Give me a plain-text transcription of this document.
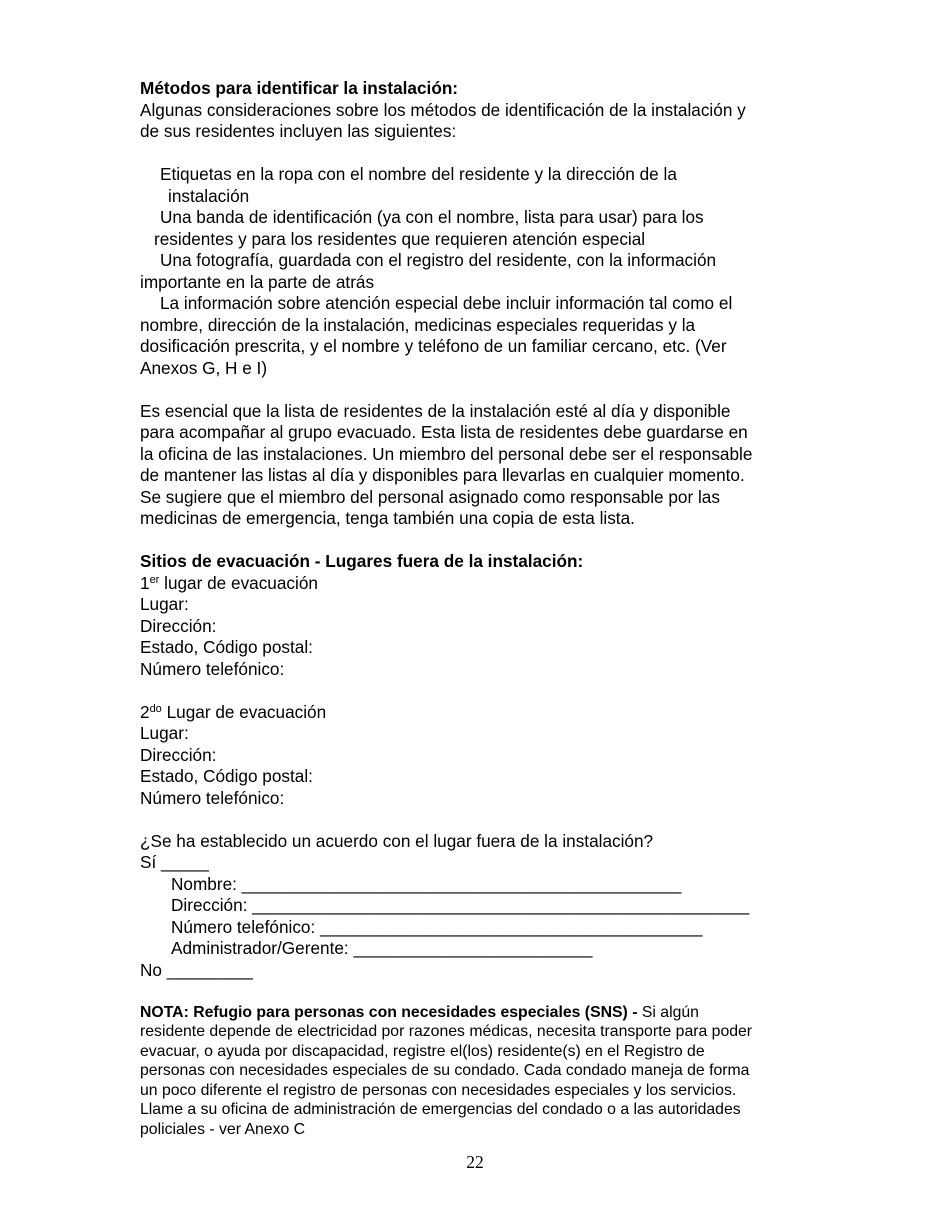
Métodos para identificar la instalación:

Algunas consideraciones sobre los métodos de identificación de la instalación y

de sus residentes incluyen las siguientes:

Etiquetas en la ropa con el nombre del residente y la dirección de la

instalación

Una banda de identificación (ya con el nombre, lista para usar) para los

residentes y para los residentes que requieren atención especial

Una fotografía, guardada con el registro del residente, con la información

importante en la parte de atrás

La información sobre atención especial debe incluir información tal como el

nombre, dirección de la instalación, medicinas especiales requeridas y la

dosificación prescrita, y el nombre y teléfono de un familiar cercano, etc. (Ver

Anexos G, H e I)

Es esencial que la lista de residentes de la instalación esté al día y disponible

para acompañar al grupo evacuado. Esta lista de residentes debe guardarse en

la oficina de las instalaciones. Un miembro del personal debe ser el responsable

de mantener las listas al día y disponibles para llevarlas en cualquier momento.

Se sugiere que el miembro del personal asignado como responsable por las

medicinas de emergencia, tenga también una copia de esta lista.

Sitios de evacuación - Lugares fuera de la instalación:

1er lugar de evacuación

Lugar:

Dirección:

Estado, Código postal:

Número telefónico:

$2^{do}$ Lugar de evacuación

Lugar:

Dirección:

Estado, Código postal:

Número telefónico:

¿Se ha establecido un acuerdo con el lugar fuera de la instalación?

Sí _____

Nombre: ______________________________________________

Dirección: ____________________________________________________

Número telefónico: ________________________________________

Administrador/Gerente: _________________________

No _________

NOTA: Refugio para personas con necesidades especiales (SNS) - Si algún

residente depende de electricidad por razones médicas, necesita transporte para poder

evacuar, o ayuda por discapacidad, registre el(los) residente(s) en el Registro de

personas con necesidades especiales de su condado. Cada condado maneja de forma

un poco diferente el registro de personas con necesidades especiales y los servicios.

Llame a su oficina de administración de emergencias del condado o a las autoridades

policiales - ver Anexo C

22
